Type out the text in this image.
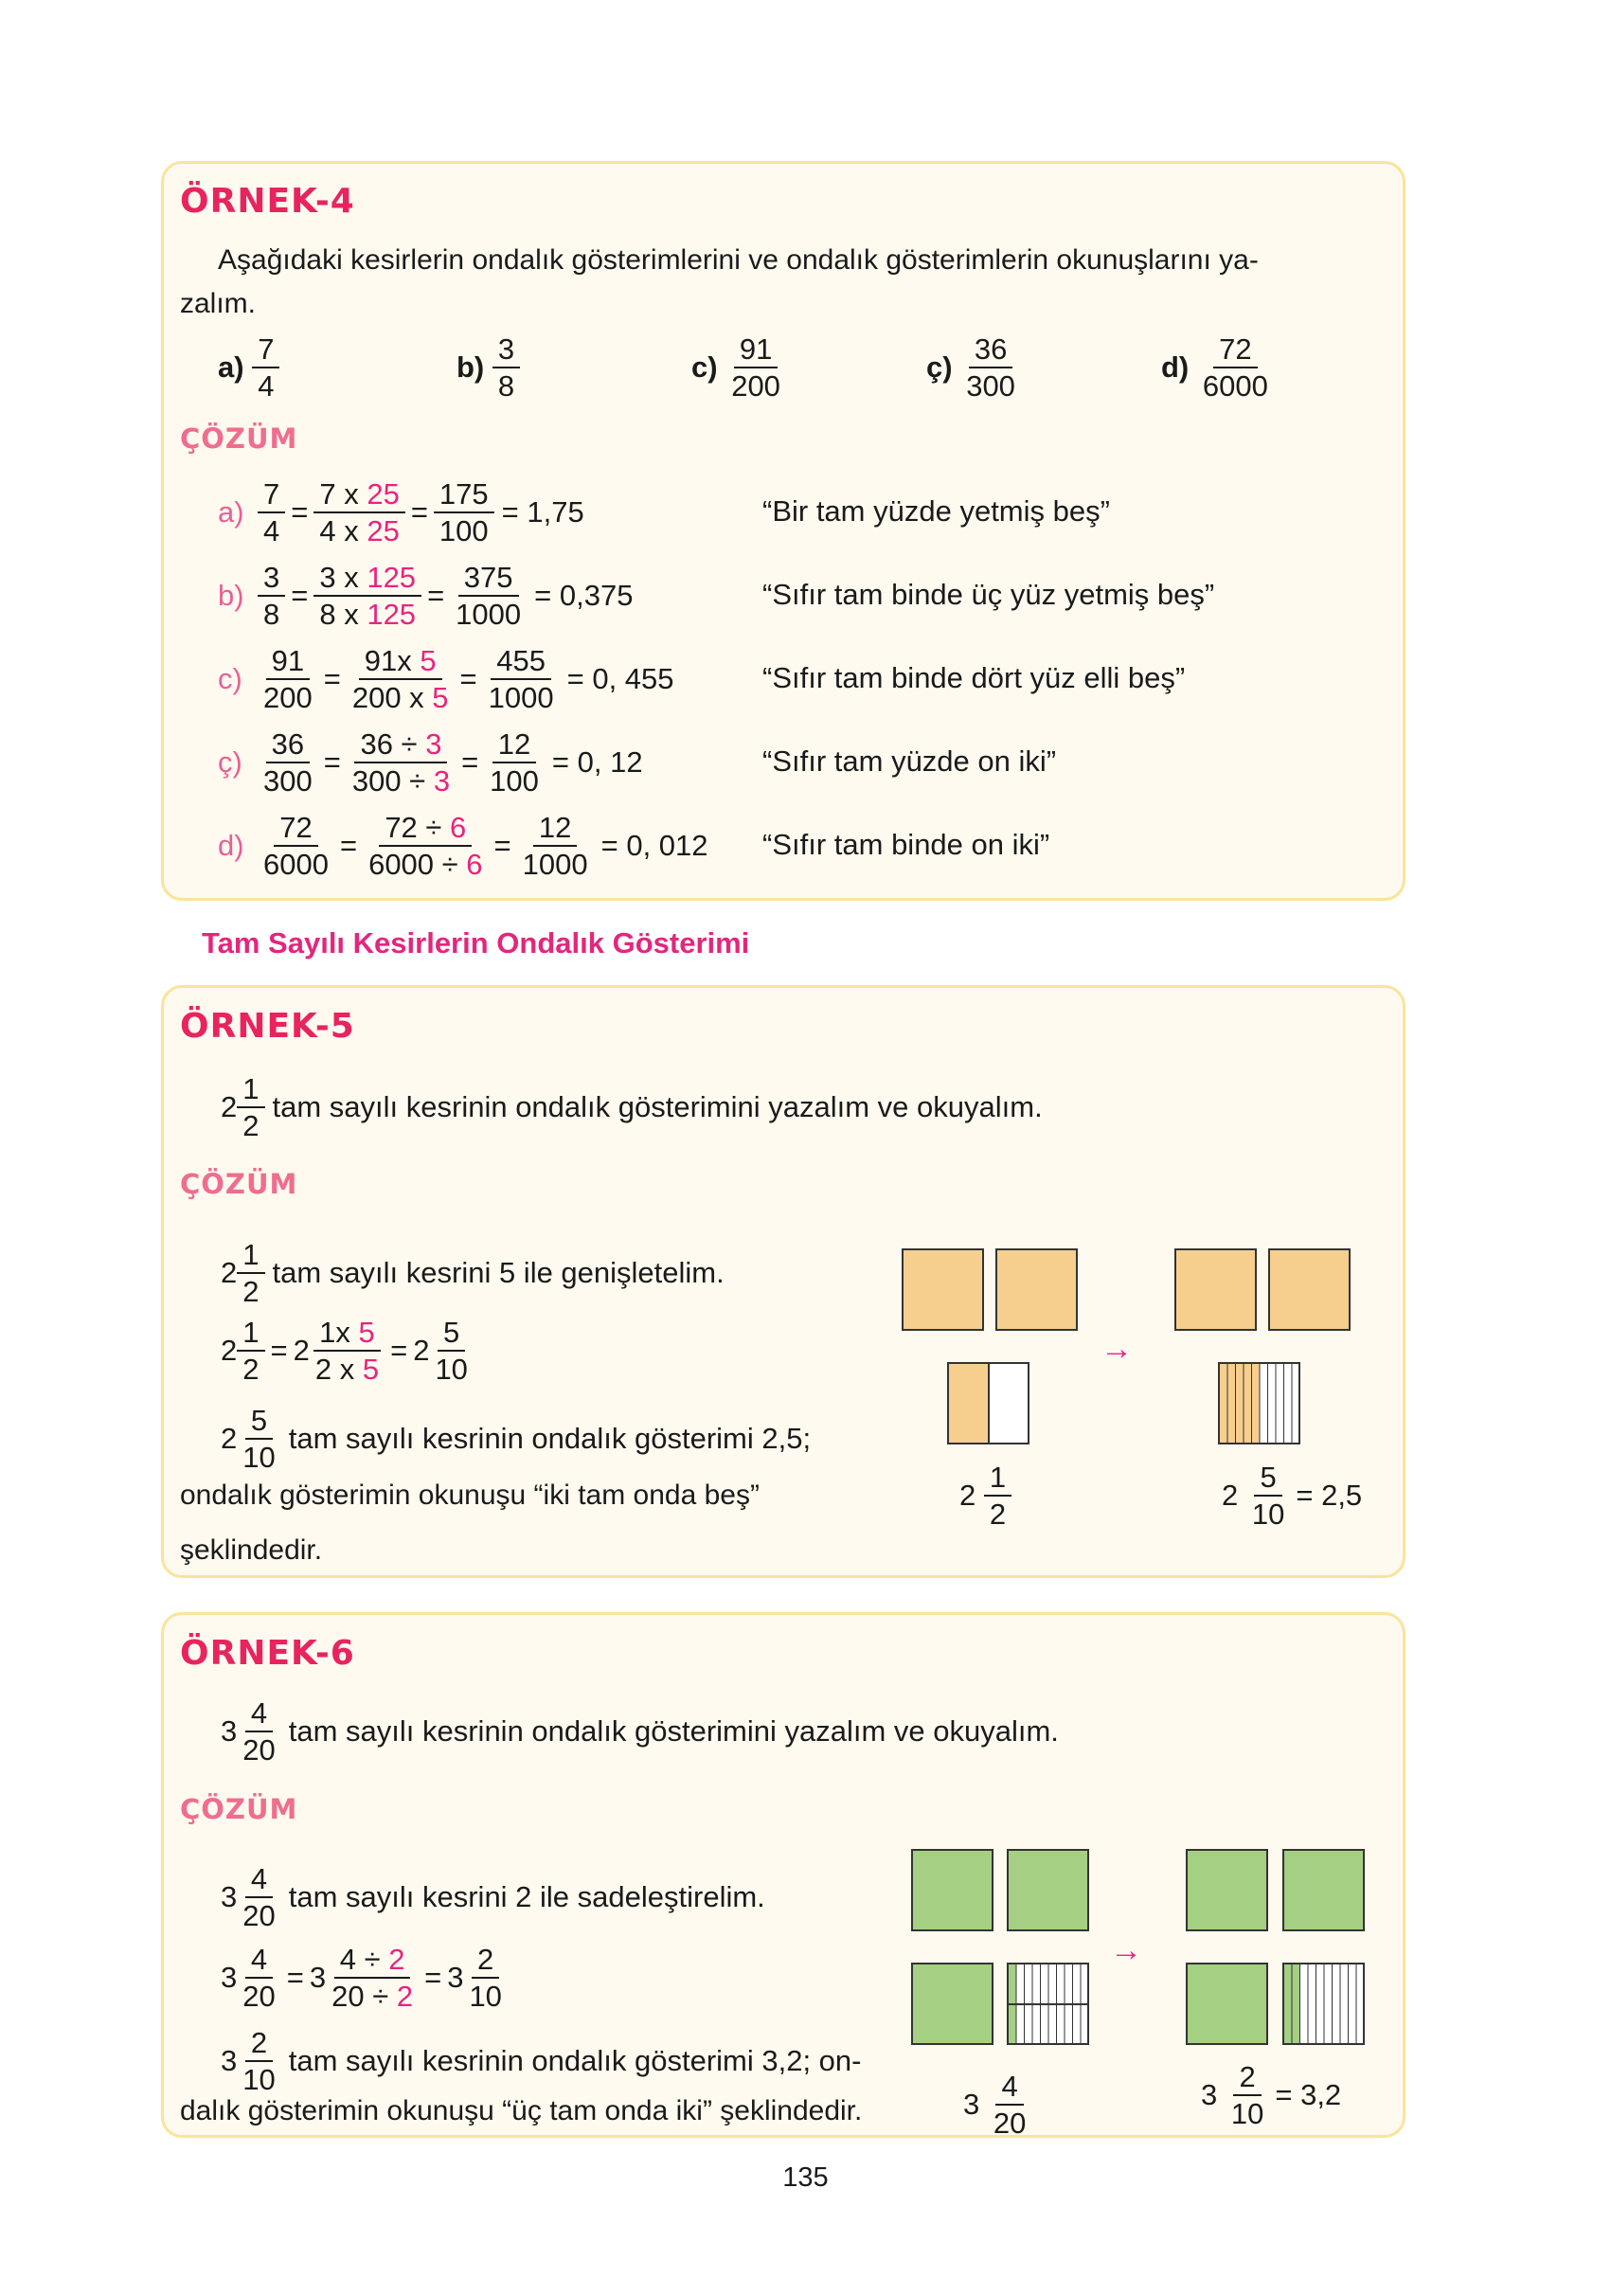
ÖRNEK-4
Aşağıdaki kesirlerin ondalık gösterimlerini ve ondalık gösterimlerin okunuşlarını ya-
zalım.
a)
$\frac{7}{4}$	b)
$\frac{3}{8}$	c)
$\frac{91}{200}$	ç)
$\frac{36}{300}$	d)
$\frac{72}{6000}$
ÇÖZÜM
$a) \frac{7}{4} = \frac{7 x 25}{4 x 25} = \frac{175}{100} = 1,75$	“Bir tam yüzde yetmiş beş”
$b) \frac{3}{8} = \frac{3 x 125}{8 x 125} = \frac{375}{1000} = 0,375$	“Sıfır tam binde üç yüz yetmiş beş”
$c) \frac{91}{200} = \frac{91x 5}{200 x 5} = \frac{455}{1000} = 0$, 455	“Sıfır tam binde dört yüz elli beş”
ç) $\frac{36}{300} = \frac{36 \div 3}{300 \div 3} = \frac{12}{100} = 0$, 12	“Sıfır tam yüzde on iki”
$d) \frac{72}{6000} = \frac{72 \div 6}{6000 \div 6} = \frac{12}{1000} = 0$, 012 “Sıfır tam binde on iki”
Tam Sayılı Kesirlerin Ondalık Gösterimi
ÖRNEK-5
$2 \frac{1}{2}$ tam sayılı kesrinin ondalık gösterimini yazalım ve okuyalım.
ÇÖZÜM
$2 \frac{1}{2}$ tam sayılı kesrini 5 ile genişletelim.
$2 \frac{1}{2} = 2 \frac{1x 5}{2 x 5} = 2 \frac{5}{10}$
$2 \frac{5}{10}$ tam sayılı kesrinin ondalık gösterimi 2,5;
ondalık gösterimin okunuşu “iki tam onda beş”
şeklindedir.
2
$\frac{1}{2}$
→
2
$\frac{5}{10} = 2,5$
ÖRNEK-6
$3 \frac{4}{20}$ tam sayılı kesrinin ondalık gösterimini yazalım ve okuyalım.
ÇÖZÜM
$3 \frac{4}{20}$ tam sayılı kesrini 2 ile sadeleştirelim.
$3 \frac{4}{20} = 3 \frac{4 \div 2}{20 \div 2} = 3 \frac{2}{10}$
$3 \frac{2}{10}$ tam sayılı kesrinin ondalık gösterimi 3,2; on-
dalık gösterimin okunuşu “üç tam onda iki” şeklindedir.	3
$\frac{4}{20}$
→
3
$\frac{2}{10} = 3,2$
135
